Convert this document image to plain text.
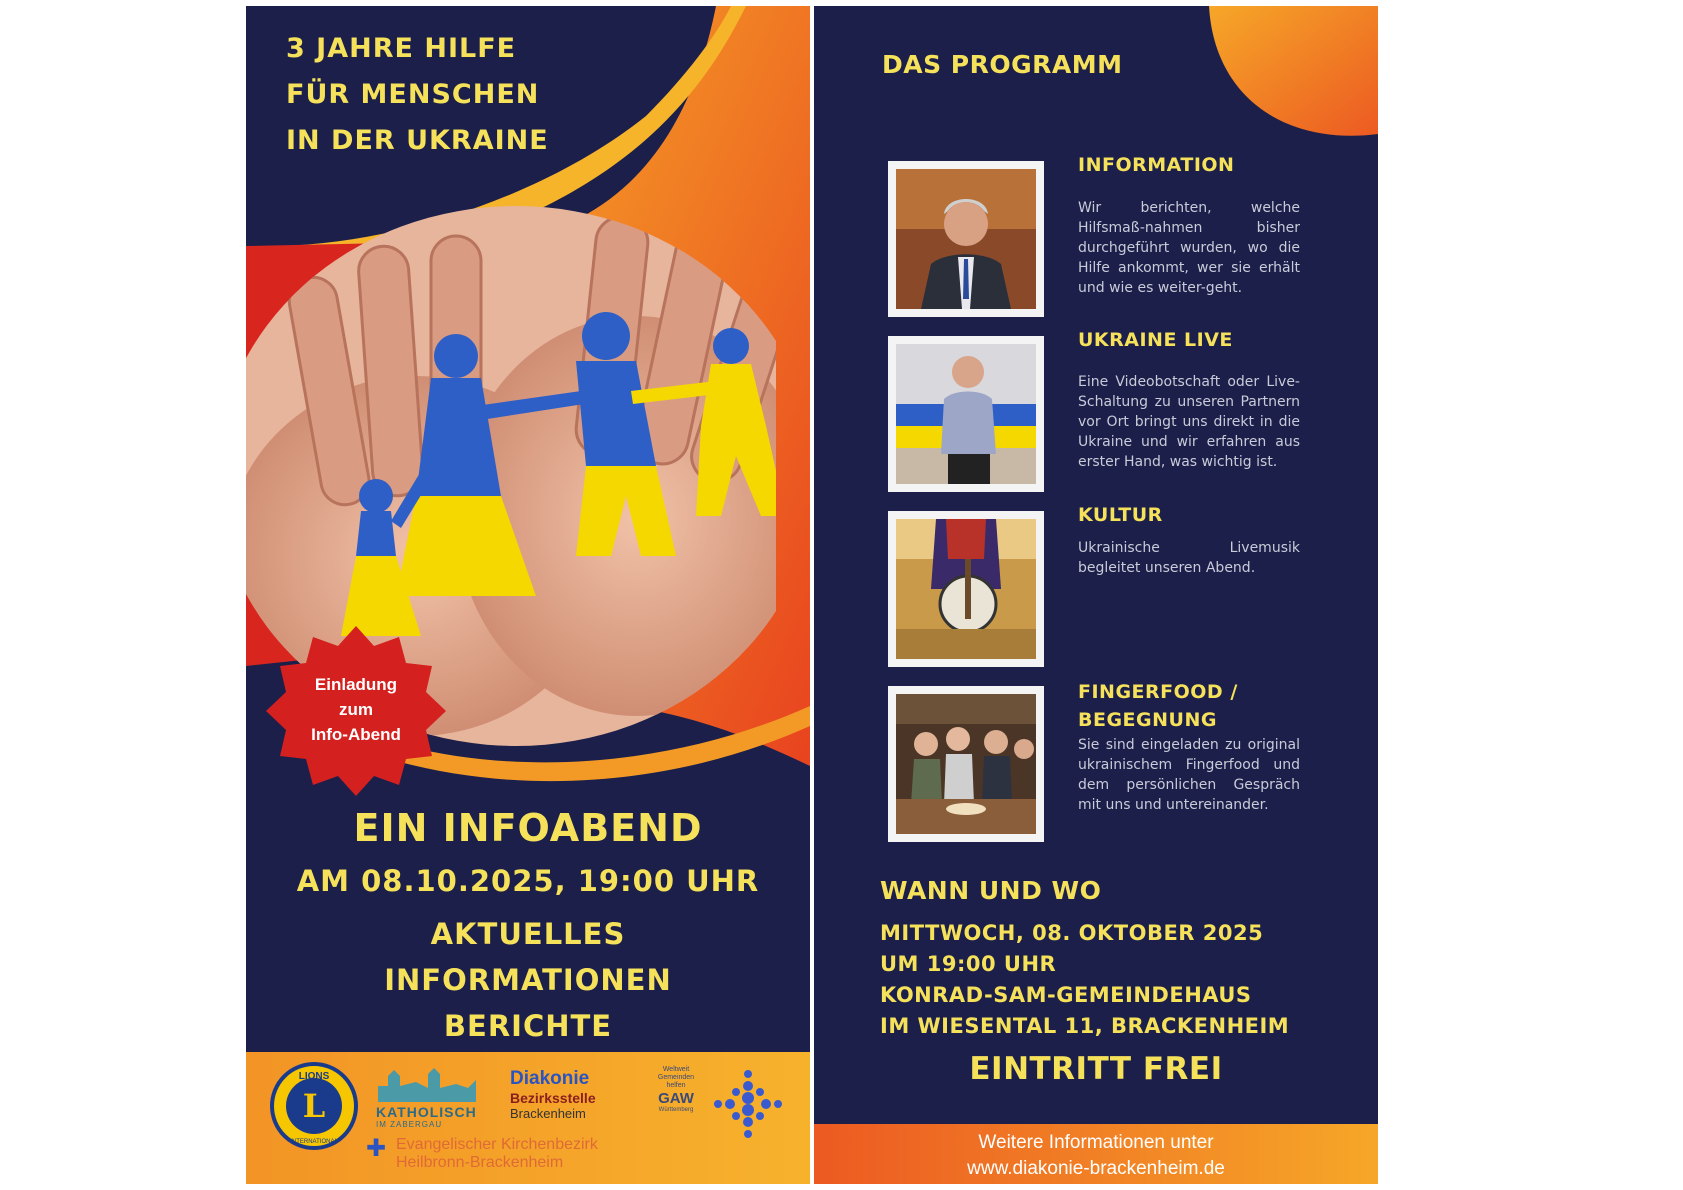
Einladung
zum
Info-Abend
3 JAHRE HILFE
FÜR MENSCHEN
IN DER UKRAINE
EIN INFOABEND
AM 08.10.2025, 19:00 UHR
AKTUELLES
INFORMATIONEN
BERICHTE
L
LIONS
INTERNATIONAL
KATHOLISCH
IM ZABERGAU
Diakonie
Bezirksstelle
Brackenheim
Weltweit
Gemeinden
helfen
GAW
Württemberg
✚ Evangelischer Kirchenbezirk
Heilbronn-Brackenheim
DAS PROGRAMM
INFORMATION
Wir berichten, welche Hilfsmaß-nahmen bisher durchgeführt wurden, wo die Hilfe ankommt, wer sie erhält und wie es weiter-geht.
UKRAINE LIVE
Eine Videobotschaft oder Live-Schaltung zu unseren Partnern vor Ort bringt uns direkt in die Ukraine und wir erfahren aus erster Hand, was wichtig ist.
KULTUR
Ukrainische Livemusik begleitet unseren Abend.
FINGERFOOD /
BEGEGNUNG
Sie sind eingeladen zu original ukrainischem Fingerfood und dem persönlichen Gespräch mit uns und untereinander.
WANN UND WO
MITTWOCH, 08. OKTOBER 2025
UM 19:00 UHR
KONRAD-SAM-GEMEINDEHAUS
IM WIESENTAL 11, BRACKENHEIM
EINTRITT FREI
Weitere Informationen unter
www.diakonie-brackenheim.de
